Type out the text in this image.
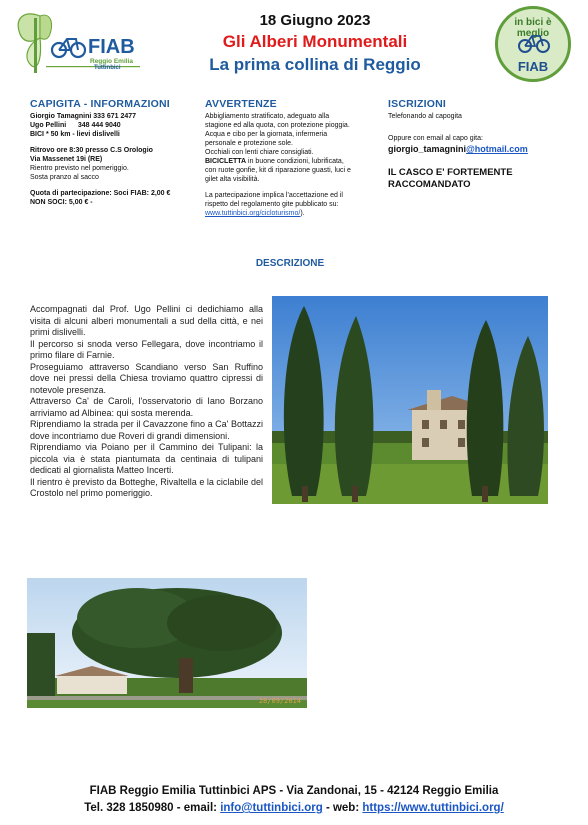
FIAB
Reggio Emilia
Tuttinbici
in bici è meglio
FIAB
18 Giugno 2023
Gli Alberi Monumentali
La prima collina di Reggio
CAPIGITA - INFORMAZIONI
Giorgio Tamagnini 333 671 2477
Ugo Pellini      348 444 9040
BICI * 50 km - lievi dislivelli
Ritrovo ore 8:30 presso C.S Orologio
Via Massenet 19i (RE)
Rientro previsto nel pomeriggio.
Sosta pranzo al sacco
Quota di partecipazione: Soci FIAB: 2,00 €
NON SOCI: 5,00 € -
AVVERTENZE
Abbigliamento stratificato, adeguato alla
stagione ed alla quota, con protezione pioggia.
Acqua e cibo per la giornata, infermeria
personale e protezione sole.
Occhiali con lenti chiare consigliati.
BICICLETTA in buone condizioni, lubrificata,
con ruote gonfie, kit di riparazione guasti, luci e
gilet alta visibilità.
La partecipazione implica l'accettazione ed il
rispetto del regolamento gite pubblicato su:
www.tuttinbici.org/cicloturismo/).
ISCRIZIONI
Telefonando al capogita
Oppure con email al capo gita:
giorgio_tamagnini@hotmail.com
IL CASCO E' FORTEMENTE
RACCOMANDATO
DESCRIZIONE

Accompagnati dal Prof. Ugo Pellini ci dedichiamo alla visita di alcuni alberi monumentali a sud della città, e nei primi dislivelli.

Il percorso si snoda verso Fellegara, dove incontriamo il primo filare di Farnie.

Proseguiamo attraverso Scandiano verso San Ruffino dove nei pressi della Chiesa troviamo quattro cipressi di notevole presenza.

Attraverso Ca' de Caroli, l'osservatorio di Iano Borzano arriviamo ad Albinea: qui sosta merenda.

Riprendiamo la strada per il Cavazzone fino a Ca' Bottazzi dove incontriamo due Roveri di grandi dimensioni.

Riprendiamo via Poiano per il Cammino dei Tulipani: la piccola via è stata piantumata da centinaia di tulipani dedicati al giornalista Matteo Incerti.

Il rientro è previsto da Botteghe, Rivaltella e la ciclabile del Crostolo nel primo pomeriggio.

28/09/2014
FIAB Reggio Emilia Tuttinbici APS - Via Zandonai, 15 - 42124 Reggio Emilia
Tel. 328 1850980 - email: info@tuttinbici.org - web: https://www.tuttinbici.org/
